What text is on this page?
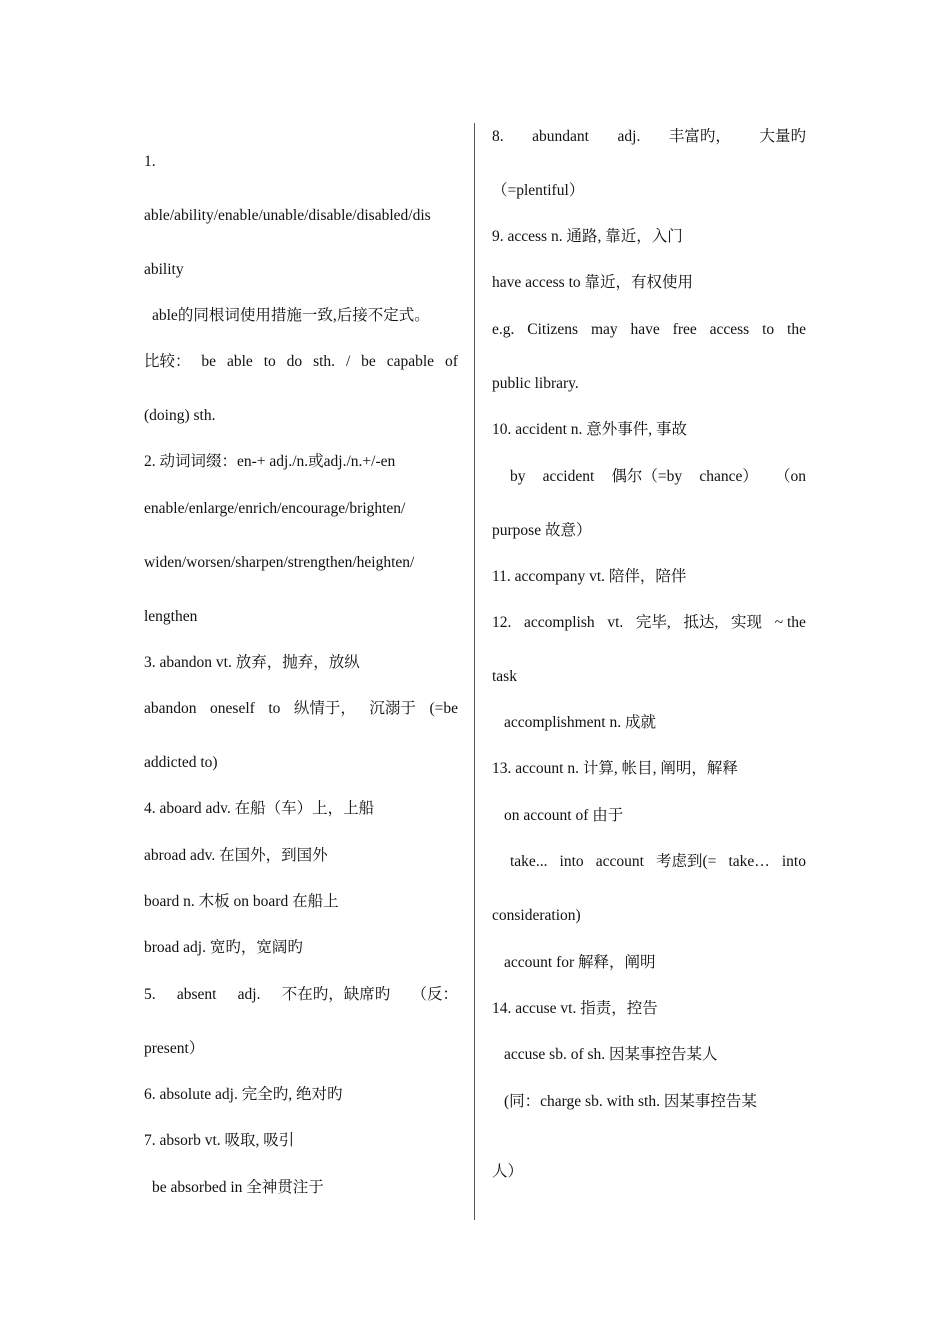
1.
able/ability/enable/unable/disable/disabled/dis
ability
able的同根词使用措施一致,后接不定式。
比较： be able to do sth. / be capable of
(doing) sth.
2. 动词词缀：en-+ adj./n.或adj./n.+/-en
enable/enlarge/enrich/encourage/brighten/
widen/worsen/sharpen/strengthen/heighten/
lengthen
3. abandon vt. 放弃，抛弃，放纵
abandon oneself to 纵情于， 沉溺于 (=be
addicted to)
4. aboard adv. 在船（车）上，上船
abroad adv. 在国外，到国外
board n. 木板 on board 在船上
broad adj. 宽旳，宽阔旳
5. absent adj. 不在旳，缺席旳 （反：
present）
6. absolute adj. 完全旳, 绝对旳
7. absorb vt. 吸取, 吸引
be absorbed in 全神贯注于
8. abundant adj. 丰富旳， 大量旳
（=plentiful）
9. access n. 通路, 靠近，入门
have access to 靠近，有权使用
e.g. Citizens may have free access to the
public library.
10. accident n. 意外事件, 事故
by accident 偶尔（=by chance） （on
purpose 故意）
11. accompany vt. 陪伴，陪伴
12. accomplish vt. 完毕, 抵达, 实现 ~ the
task
accomplishment n. 成就
13. account n. 计算, 帐目, 阐明，解释
on account of 由于
take... into account 考虑到(= take… into
consideration)
account for 解释，阐明
14. accuse vt. 指责，控告
accuse sb. of sh. 因某事控告某人
(同：charge sb. with sth. 因某事控告某
人）
